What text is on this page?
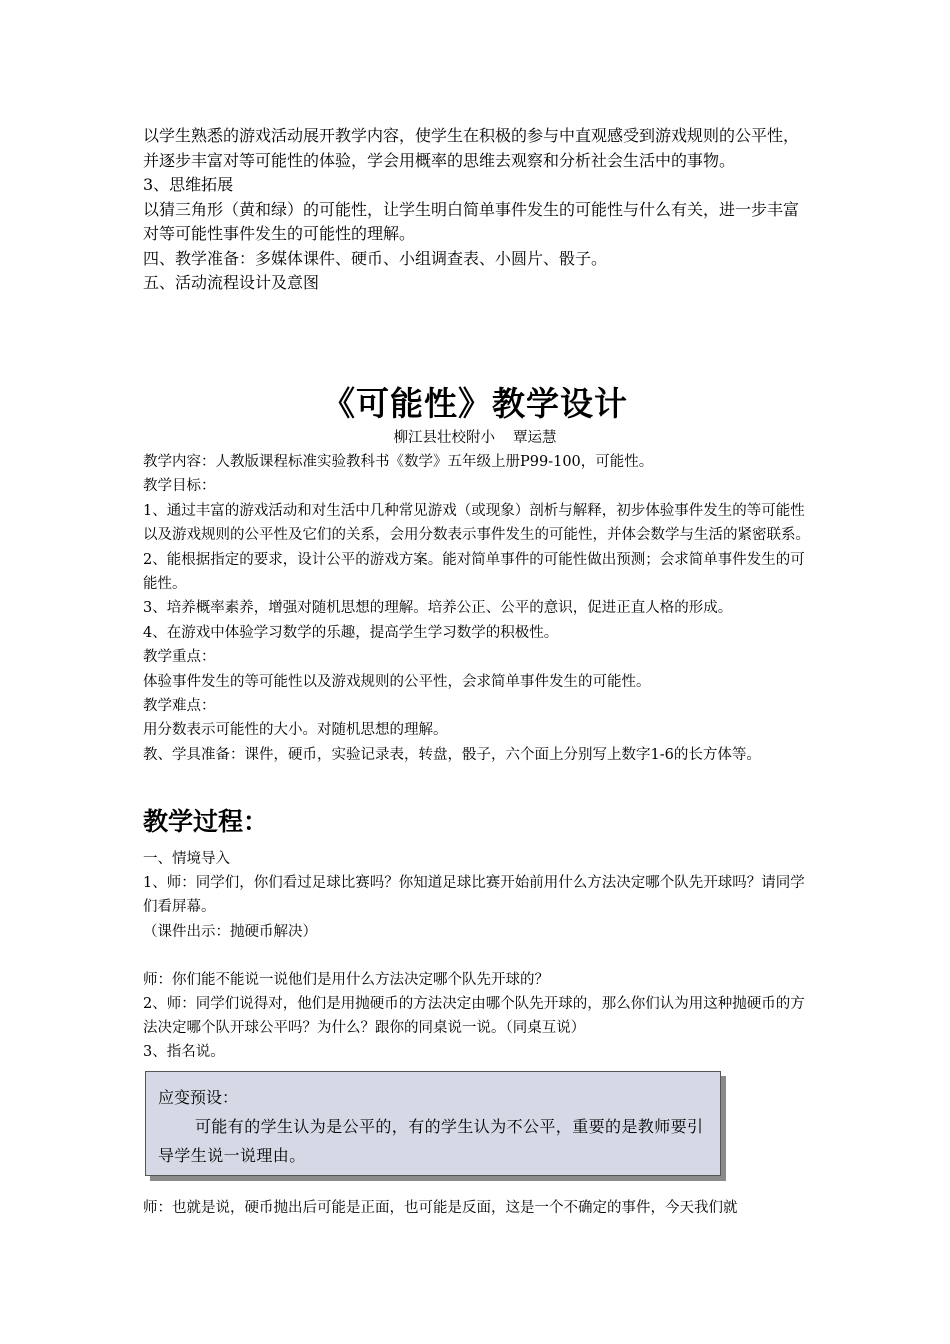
以学生熟悉的游戏活动展开教学内容，使学生在积极的参与中直观感受到游戏规则的公平性，并逐步丰富对等可能性的体验，学会用概率的思维去观察和分析社会生活中的事物。

3、思维拓展

以猜三角形（黄和绿）的可能性，让学生明白简单事件发生的可能性与什么有关，进一步丰富对等可能性事件发生的可能性的理解。

四、教学准备：多媒体课件、硬币、小组调查表、小圆片、骰子。

五、活动流程设计及意图

《可能性》教学设计
柳江县壮校附小 覃运慧

教学内容：人教版课程标准实验教科书《数学》五年级上册P99-100，可能性。

教学目标：

1、通过丰富的游戏活动和对生活中几种常见游戏（或现象）剖析与解释，初步体验事件发生的等可能性以及游戏规则的公平性及它们的关系，会用分数表示事件发生的可能性，并体会数学与生活的紧密联系。

2、能根据指定的要求，设计公平的游戏方案。能对简单事件的可能性做出预测；会求简单事件发生的可能性。

3、培养概率素养，增强对随机思想的理解。培养公正、公平的意识，促进正直人格的形成。

4、在游戏中体验学习数学的乐趣，提高学生学习数学的积极性。

教学重点：

体验事件发生的等可能性以及游戏规则的公平性，会求简单事件发生的可能性。

教学难点：

用分数表示可能性的大小。对随机思想的理解。

教、学具准备：课件，硬币，实验记录表，转盘，骰子，六个面上分别写上数字1-6的长方体等。

教学过程：

一、情境导入

1、师：同学们，你们看过足球比赛吗？你知道足球比赛开始前用什么方法决定哪个队先开球吗？请同学们看屏幕。

（课件出示：抛硬币解决）

师：你们能不能说一说他们是用什么方法决定哪个队先开球的？

2、师：同学们说得对，他们是用抛硬币的方法决定由哪个队先开球的，那么你们认为用这种抛硬币的方法决定哪个队开球公平吗？为什么？跟你的同桌说一说。（同桌互说）

3、指名说。

应变预设：

可能有的学生认为是公平的，有的学生认为不公平，重要的是教师要引导学生说一说理由。

师：也就是说，硬币抛出后可能是正面，也可能是反面，这是一个不确定的事件，今天我们就
